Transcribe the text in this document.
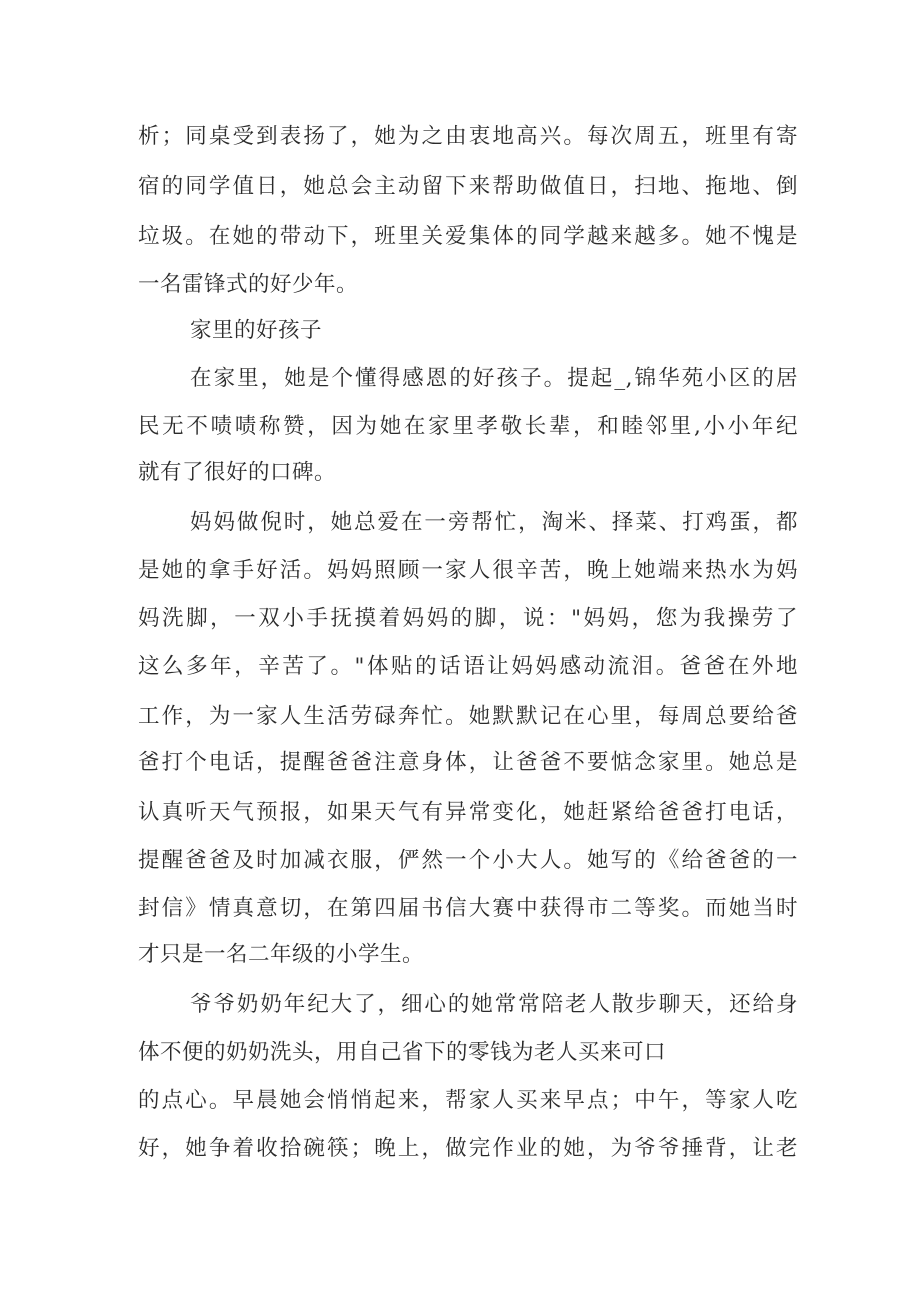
析；同桌受到表扬了，她为之由衷地高兴。每次周五，班里有寄
宿的同学值日，她总会主动留下来帮助做值日，扫地、拖地、倒
垃圾。在她的带动下，班里关爱集体的同学越来越多。她不愧是
一名雷锋式的好少年。
家里的好孩子
在家里，她是个懂得感恩的好孩子。提起_,锦华苑小区的居
民无不啧啧称赞，因为她在家里孝敬长辈，和睦邻里,小小年纪
就有了很好的口碑。
妈妈做倪时，她总爱在一旁帮忙，淘米、择菜、打鸡蛋，都
是她的拿手好活。妈妈照顾一家人很辛苦，晚上她端来热水为妈
妈洗脚，一双小手抚摸着妈妈的脚，说："妈妈，您为我操劳了
这么多年，辛苦了。"体贴的话语让妈妈感动流泪。爸爸在外地
工作，为一家人生活劳碌奔忙。她默默记在心里，每周总要给爸
爸打个电话，提醒爸爸注意身体，让爸爸不要惦念家里。她总是
认真听天气预报，如果天气有异常变化，她赶紧给爸爸打电话，
提醒爸爸及时加减衣服，俨然一个小大人。她写的《给爸爸的一
封信》情真意切，在第四届书信大赛中获得市二等奖。而她当时
才只是一名二年级的小学生。
爷爷奶奶年纪大了，细心的她常常陪老人散步聊天，还给身
体不便的奶奶洗头，用自己省下的零钱为老人买来可口
的点心。早晨她会悄悄起来，帮家人买来早点；中午，等家人吃
好，她争着收拾碗筷；晚上，做完作业的她，为爷爷捶背，让老
